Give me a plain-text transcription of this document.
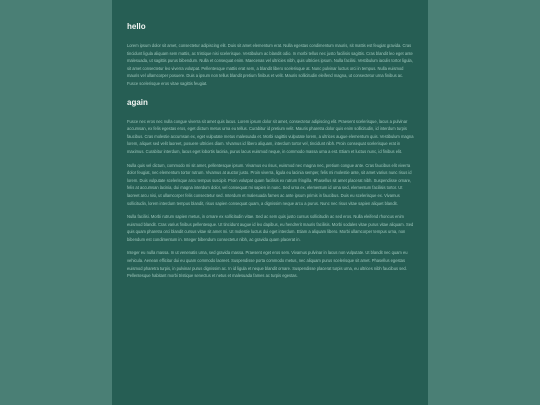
hello

Lorem ipsum dolor sit amet, consectetur adipiscing elit. Duis sit amet elementum erat. Nulla egestas condimentum mauris, sit mattis est feugiat gravida. Cras tincidunt ligula aliquam sem mattis, ac tristique nisi scelerisque. Vestibulum ac blandit odio. In morbi tellus nec justo facilisis sagittis. Cras blandit leo eget ante malesuada, ut sagittis purus bibendum. Nulla et consequat enim. Maecenas vel ultricies nibh, quis ultricies ipsum. Nulla facilisi. Vestibulum iaculis tortor ligula, sit amet consectetur leo viverra volutpat. Pellentesque mattis erat sem, a blandit libero scelerisque at. Nunc pulvinar luctus orci in tempus. Nulla euismod mauris vel ullamcorper posuere. Duis a ipsum non tellus blandit pretium finibus et velit. Mauris sollicitudin eleifend magna, ut consectetur urna finibus ac. Fusce scelerisque eros vitae sagittis feugiat.

again

Fusce nec eros nec nulla congue viverra sit amet quis lacus. Lorem ipsum dolor sit amet, consectetur adipiscing elit. Praesent scelerisque, lacus a pulvinar accumsan, ex felis egestas eros, eget dictum metus urna eu tellus. Curabitur id pretium velit. Mauris pharetra dolor quis enim sollicitudin, id interdum turpis faucibus. Cras molestie accumsan ex, eget vulputate metus malesuada et. Morbi sagittis vulputate lorem, a ultrices augue elementum quis. Vestibulum magna lorem, aliquet sed velit laoreet, posuere ultricies diam. Vivamus id libero aliquam, interdum tortor vel, tincidunt nibh. Proin consequat scelerisque erat in maximus. Curabitur interdum, lacus eget lobortis lacinia, purus lacus euismod neque, in commodo massa urna a est. Etiam et luctus nunc, id finibus elit.

Nulla quis vel dictum, commodo mi sit amet, pellentesque ipsum. Vivamus eu risus, euismod nec magna nec, pretium congue ante. Cras faucibus elit viverra dolor feugiat, nec elementum tortor rutrum. Vivamus at auctor justo. Proin viverra, ligula eu lacinia semper, felis mi molestie ante, sit amet varius nunc risus id lorem. Duis vulputate scelerisque arcu tempus suscipit. Proin volutpat quam facilisis ex rutrum fringilla. Phasellus sit amet placerat nibh. Suspendisse ornare, felis at accumsan lacinia, dui magna interdum dolor, vel consequat mi sapien in nunc. Sed urna ex, elementum id urna sed, elementum facilisis tortor. Ut laoreet arcu nisi, ut ullamcorper felis consectetur sed. Interdum et malesuada fames ac ante ipsum primis in faucibus. Duis eu scelerisque ex. Vivamus sollicitudin, lorem interdum tempus blandit, risus sapien consequat quam, a dignissim neque arcu a purus. Nunc nec risus vitae sapien aliquet blandit.

Nulla facilisi. Morbi rutrum sapien metus, in ornare ex sollicitudin vitae. Sed ac sem quis justo cursus sollicitudin ac sed eros. Nulla eleifend rhoncus enim euismod blandit. Cras varius finibus pellentesque. Ut tincidunt augue id leo dapibus, eu hendrerit mauris facilisis. Morbi sodales vitae purus vitae aliquam. Sed quis quam pharetra orci blandit cursus vitae sit amet mi. Ut molestie luctus dui eget interdum. Etiam a aliquam libero. Morbi ullamcorper tempus urna, non bibendum est condimentum in. Integer bibendum consectetur nibh, ac gravida quam placerat in.

Integer eu nulla massa. In ut venenatis urna, sed gravida massa. Praesent eget eros sem. Vivamus pulvinar in lacus non vulputate. Ut blandit nec quam eu vehicula. Aenean efficitur dui eu quam commodo laoreet. Suspendisse porta commodo metus, nec aliquam purus scelerisque sit amet. Phasellus egestas euismod pharetra turpis, in pulvinar purus dignissim ac. In id ligula et neque blandit ornare. Suspendisse placerat turpis urna, eu ultrices nibh faucibus sed. Pellentesque habitant morbi tristique senectus et netus et malesuada fames ac turpis egestas.
